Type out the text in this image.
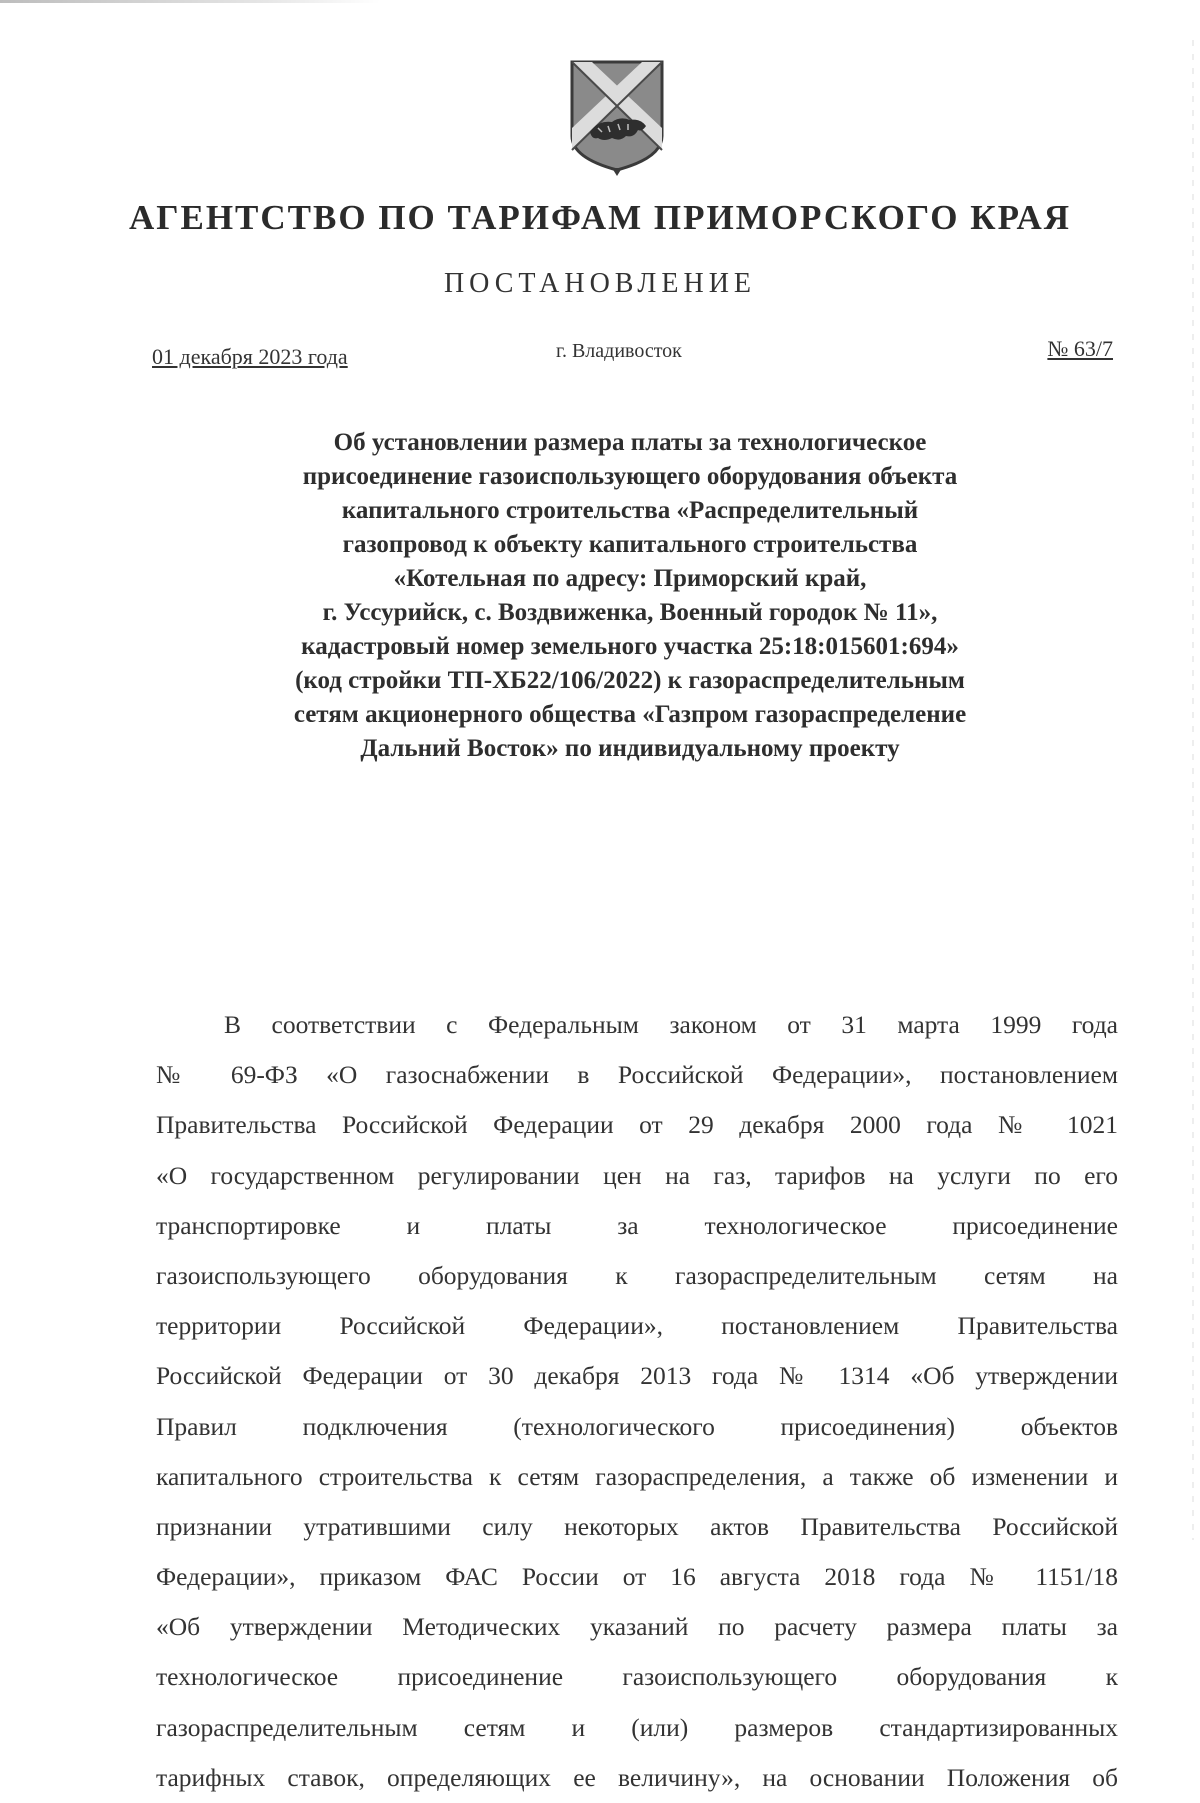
АГЕНТСТВО ПО ТАРИФАМ ПРИМОРСКОГО КРАЯ
ПОСТАНОВЛЕНИЕ
01 декабря 2023 года	г. Владивосток	№ 63/7
Об установлении размера платы за технологическое
присоединение газоиспользующего оборудования объекта
капитального строительства «Распределительный
газопровод к объекту капитального строительства
«Котельная по адресу: Приморский край,
г. Уссурийск, с. Воздвиженка, Военный городок № 11»,
кадастровый номер земельного участка 25:18:015601:694»
(код стройки ТП-ХБ22/106/2022) к газораспределительным
сетям акционерного общества «Газпром газораспределение
Дальний Восток» по индивидуальному проекту
В соответствии с Федеральным законом от 31 марта 1999 года
№ 69-ФЗ «О газоснабжении в Российской Федерации», постановлением
Правительства Российской Федерации от 29 декабря 2000 года № 1021
«О государственном регулировании цен на газ, тарифов на услуги по его
транспортировке и платы за технологическое присоединение
газоиспользующего оборудования к газораспределительным сетям на
территории Российской Федерации», постановлением Правительства
Российской Федерации от 30 декабря 2013 года № 1314 «Об утверждении
Правил подключения (технологического присоединения) объектов
капитального строительства к сетям газораспределения, а также об изменении и
признании утратившими силу некоторых актов Правительства Российской
Федерации», приказом ФАС России от 16 августа 2018 года № 1151/18
«Об утверждении Методических указаний по расчету размера платы за
технологическое присоединение газоиспользующего оборудования к
газораспределительным сетям и (или) размеров стандартизированных
тарифных ставок, определяющих ее величину», на основании Положения об
